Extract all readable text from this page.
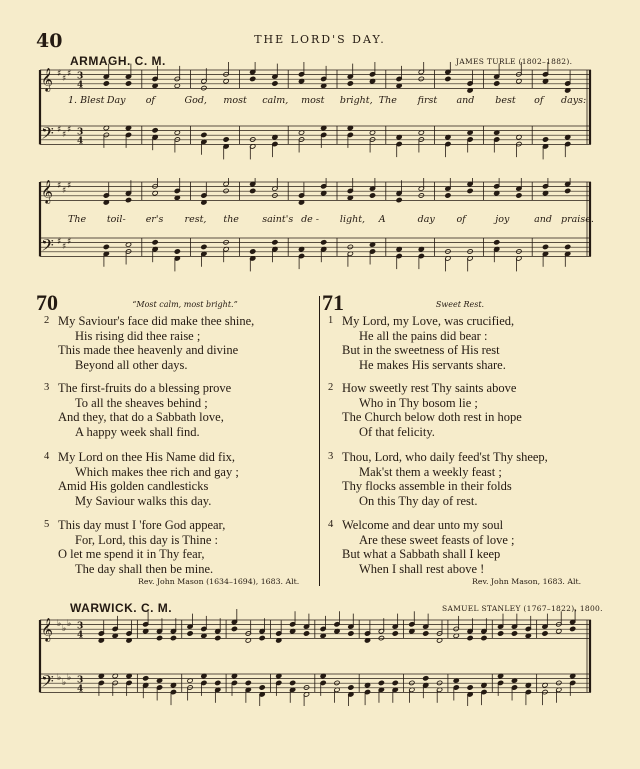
40	THE LORD'S DAY.
ARMAGH. C. M.	JAMES TURLE (1802–1882).
𝄞 ♯ ♯ ♯ 3
4
𝄢 ♯ ♯ ♯ 3
4
1. Blest Day of	God, most calm, most bright, The first and best of days:
𝄞 ♯ ♯ ♯
𝄢 ♯ ♯ ♯
The toil- er's rest, the saint's de - light, A	day of	joy	and praise.
70	“Most calm, most bright.”
2 My Saviour's face did make thee shine,
His rising did thee raise ;
This made thee heavenly and divine
Beyond all other days.
3 The first-fruits do a blessing prove
To all the sheaves behind ;
And they, that do a Sabbath love,
A happy week shall find.
4 My Lord on thee His Name did fix,
Which makes thee rich and gay ;
Amid His golden candlesticks
My Saviour walks this day.
5 This day must I 'fore God appear,
For, Lord, this day is Thine :
O let me spend it in Thy fear,
The day shall then be mine.
Rev. John Mason (1634–1694), 1683. Alt.
71	Sweet Rest.
1 My Lord, my Love, was crucified,
He all the pains did bear :
But in the sweetness of His rest
He makes His servants share.
2 How sweetly rest Thy saints above
Who in Thy bosom lie ;
The Church below doth rest in hope
Of that felicity.
3 Thou, Lord, who daily feed'st Thy sheep,
Mak'st them a weekly feast ;
Thy flocks assemble in their folds
On this Thy day of rest.
4 Welcome and dear unto my soul
Are these sweet feasts of love ;
But what a Sabbath shall I keep
When I shall rest above !
Rev. John Mason, 1683. Alt.
WARWICK. C. M.	SAMUEL STANLEY (1767–1822), 1800.
𝄞 ♭ ♭ ♭ 3
4
𝄢 ♭ ♭ ♭ 3
4
